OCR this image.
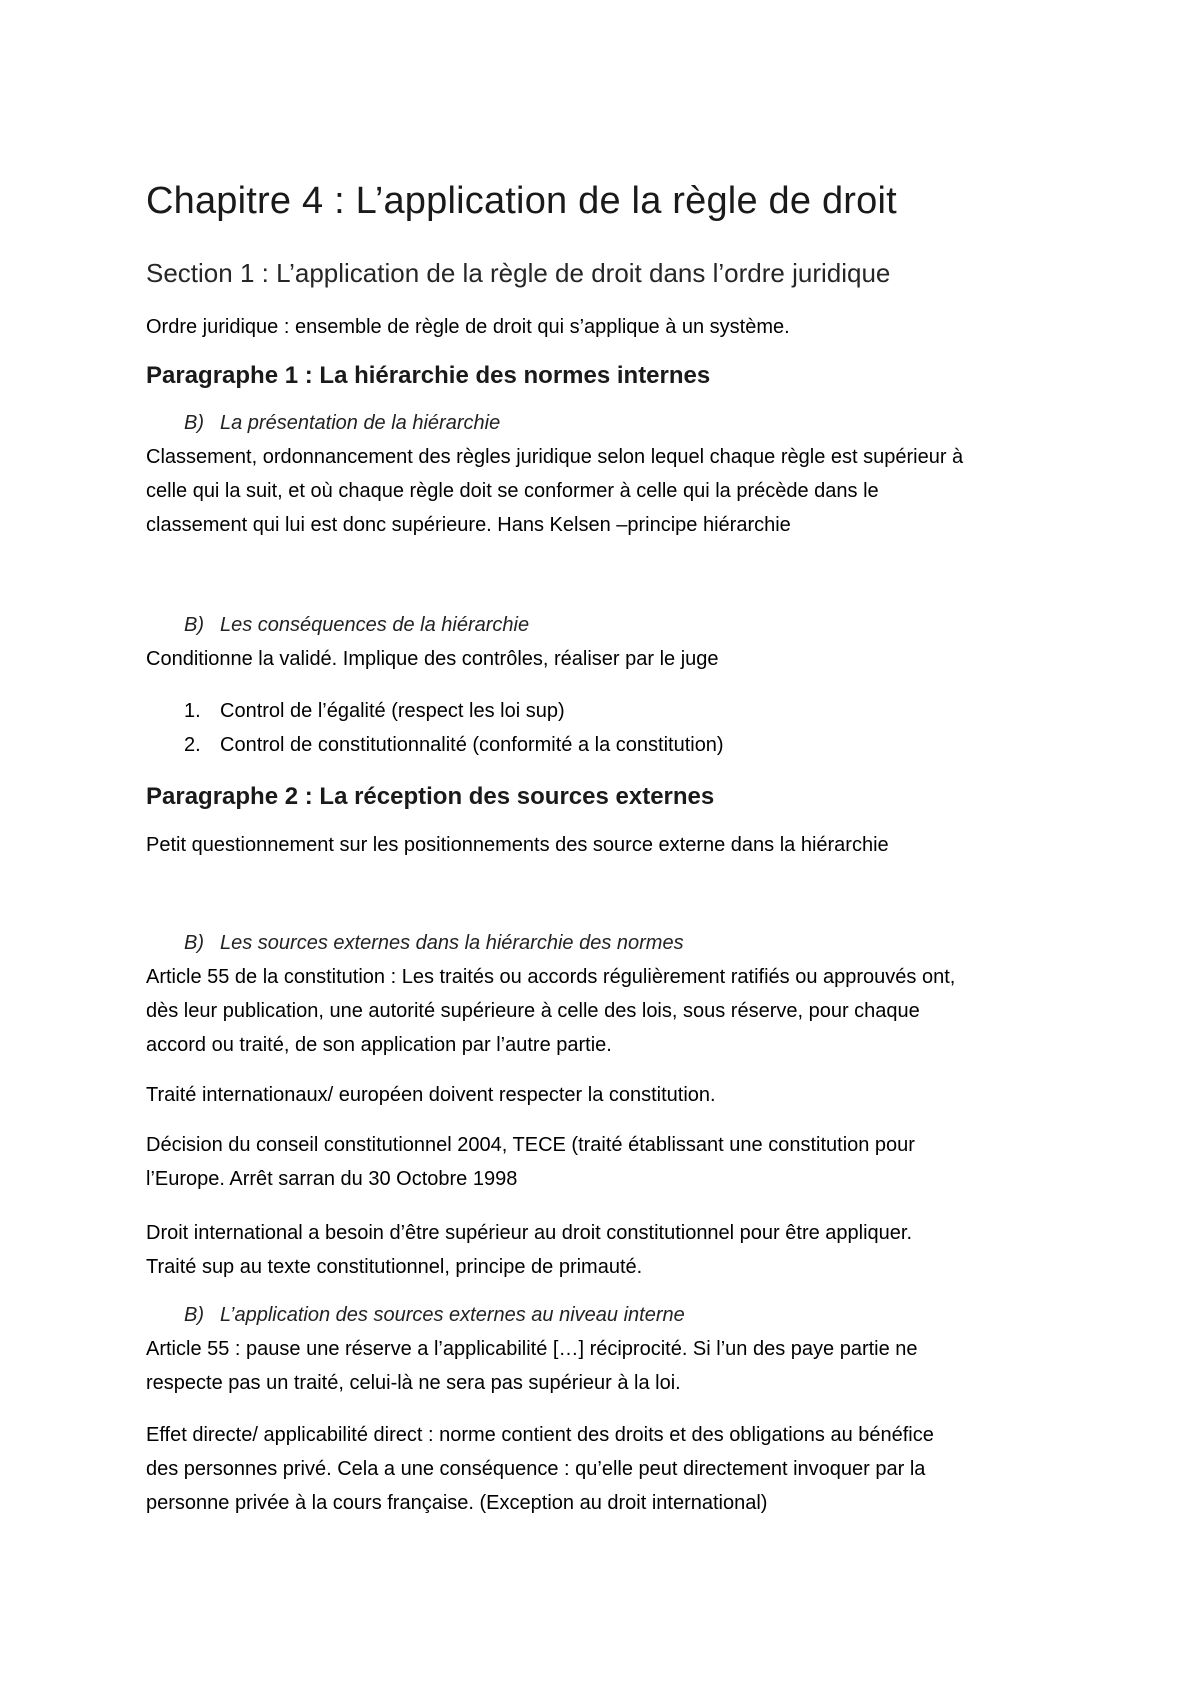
Chapitre 4 : L’application de la règle de droit
Section 1 : L’application de la règle de droit dans l’ordre juridique

Ordre juridique : ensemble de règle de droit qui s’applique à un système.

Paragraphe 1 : La hiérarchie des normes internes
B) La présentation de la hiérarchie

Classement, ordonnancement des règles juridique selon lequel chaque règle est supérieur à

celle qui la suit, et où chaque règle doit se conformer à celle qui la précède dans le

classement qui lui est donc supérieure. Hans Kelsen –principe hiérarchie

B) Les conséquences de la hiérarchie

Conditionne la validé. Implique des contrôles, réaliser par le juge

1. Control de l’égalité (respect les loi sup)
2. Control de constitutionnalité (conformité a la constitution)
Paragraphe 2 : La réception des sources externes

Petit questionnement sur les positionnements des source externe dans la hiérarchie

B) Les sources externes dans la hiérarchie des normes

Article 55 de la constitution : Les traités ou accords régulièrement ratifiés ou approuvés ont,

dès leur publication, une autorité supérieure à celle des lois, sous réserve, pour chaque

accord ou traité, de son application par l’autre partie.

Traité internationaux/ européen doivent respecter la constitution.

Décision du conseil constitutionnel 2004, TECE (traité établissant une constitution pour

l’Europe. Arrêt sarran du 30 Octobre 1998

Droit international a besoin d’être supérieur au droit constitutionnel pour être appliquer.

Traité sup au texte constitutionnel, principe de primauté.

B) L’application des sources externes au niveau interne

Article 55 : pause une réserve a l’applicabilité […] réciprocité. Si l’un des paye partie ne

respecte pas un traité, celui-là ne sera pas supérieur à la loi.

Effet directe/ applicabilité direct : norme contient des droits et des obligations au bénéfice

des personnes privé. Cela a une conséquence : qu’elle peut directement invoquer par la

personne privée à la cours française. (Exception au droit international)
